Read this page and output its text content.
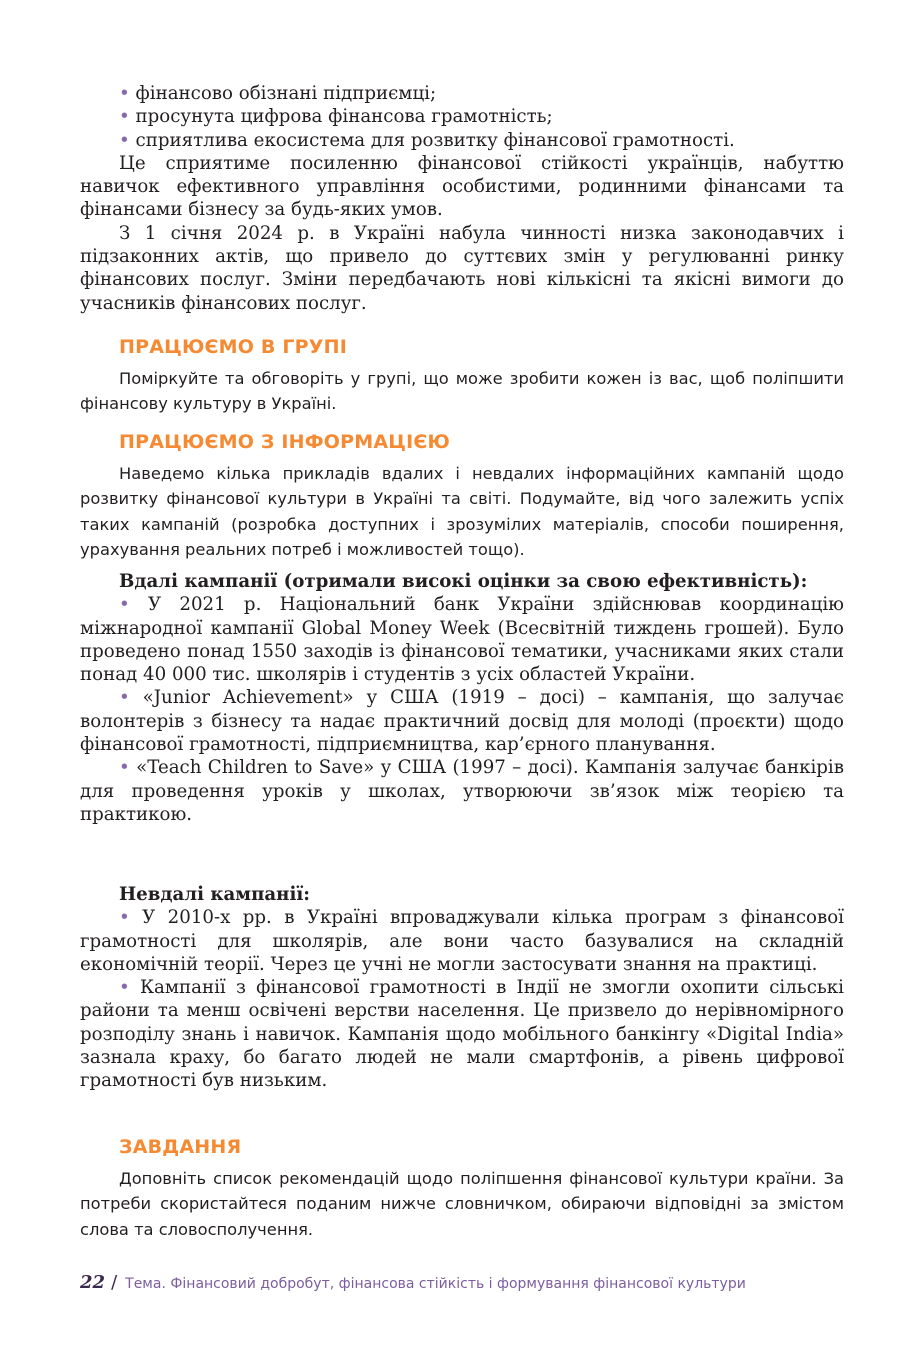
• фінансово обізнані підприємці;

• просунута цифрова фінансова грамотність;

• сприятлива екосистема для розвитку фінансової грамотності.

Це сприятиме посиленню фінансової стійкості українців, набуттю навичок ефективного управління особистими, родинними фінансами та фінансами бізнесу за будь-яких умов.

З 1 січня 2024 р. в Україні набула чинності низка законодавчих і підзаконних актів, що привело до суттєвих змін у регулюванні ринку фінансових послуг. Зміни передбачають нові кількісні та якісні вимоги до учасників фінансових послуг.

ПРАЦЮЄМО В ГРУПІ

Поміркуйте та обговоріть у групі, що може зробити кожен із вас, щоб поліпшити фінансову культуру в Україні.

ПРАЦЮЄМО З ІНФОРМАЦІЄЮ

Наведемо кілька прикладів вдалих і невдалих інформаційних кампаній щодо розвитку фінансової культури в Україні та світі. Подумайте, від чого залежить успіх таких кампаній (розробка доступних і зрозумілих матеріалів, способи поширення, урахування реальних потреб і можливостей тощо).

Вдалі кампанії (отримали високі оцінки за свою ефективність):

• У 2021 р. Національний банк України здійснював координацію міжнародної кампанії Global Money Week (Всесвітній тиждень грошей). Було проведено понад 1550 заходів із фінансової тематики, учасниками яких стали понад 40 000 тис. школярів і студентів з усіх областей України.

• «Junior Achievement» у США (1919 – досі) – кампанія, що залучає волонтерів з бізнесу та надає практичний досвід для молоді (проєкти) щодо фінансової грамотності, підприємництва, кар’єрного планування.

• «Teach Children to Save» у США (1997 – досі). Кампанія залучає банкірів для проведення уроків у школах, утворюючи зв’язок між теорією та практикою.

Невдалі кампанії:

• У 2010-х рр. в Україні впроваджували кілька програм з фінансової грамотності для школярів, але вони часто базувалися на складній економічній теорії. Через це учні не могли застосувати знання на практиці.

• Кампанії з фінансової грамотності в Індії не змогли охопити сільські райони та менш освічені верстви населення. Це призвело до нерівномірного розподілу знань і навичок. Кампанія щодо мобільного банкінгу «Digital India» зазнала краху, бо багато людей не мали смартфонів, а рівень цифрової грамотності був низьким.

ЗАВДАННЯ

Доповніть список рекомендацій щодо поліпшення фінансової культури країни. За потреби скористайтеся поданим нижче словничком, обираючи відповідні за змістом слова та словосполучення.

22 / Тема. Фінансовий добробут, фінансова стійкість і формування фінансової культури
